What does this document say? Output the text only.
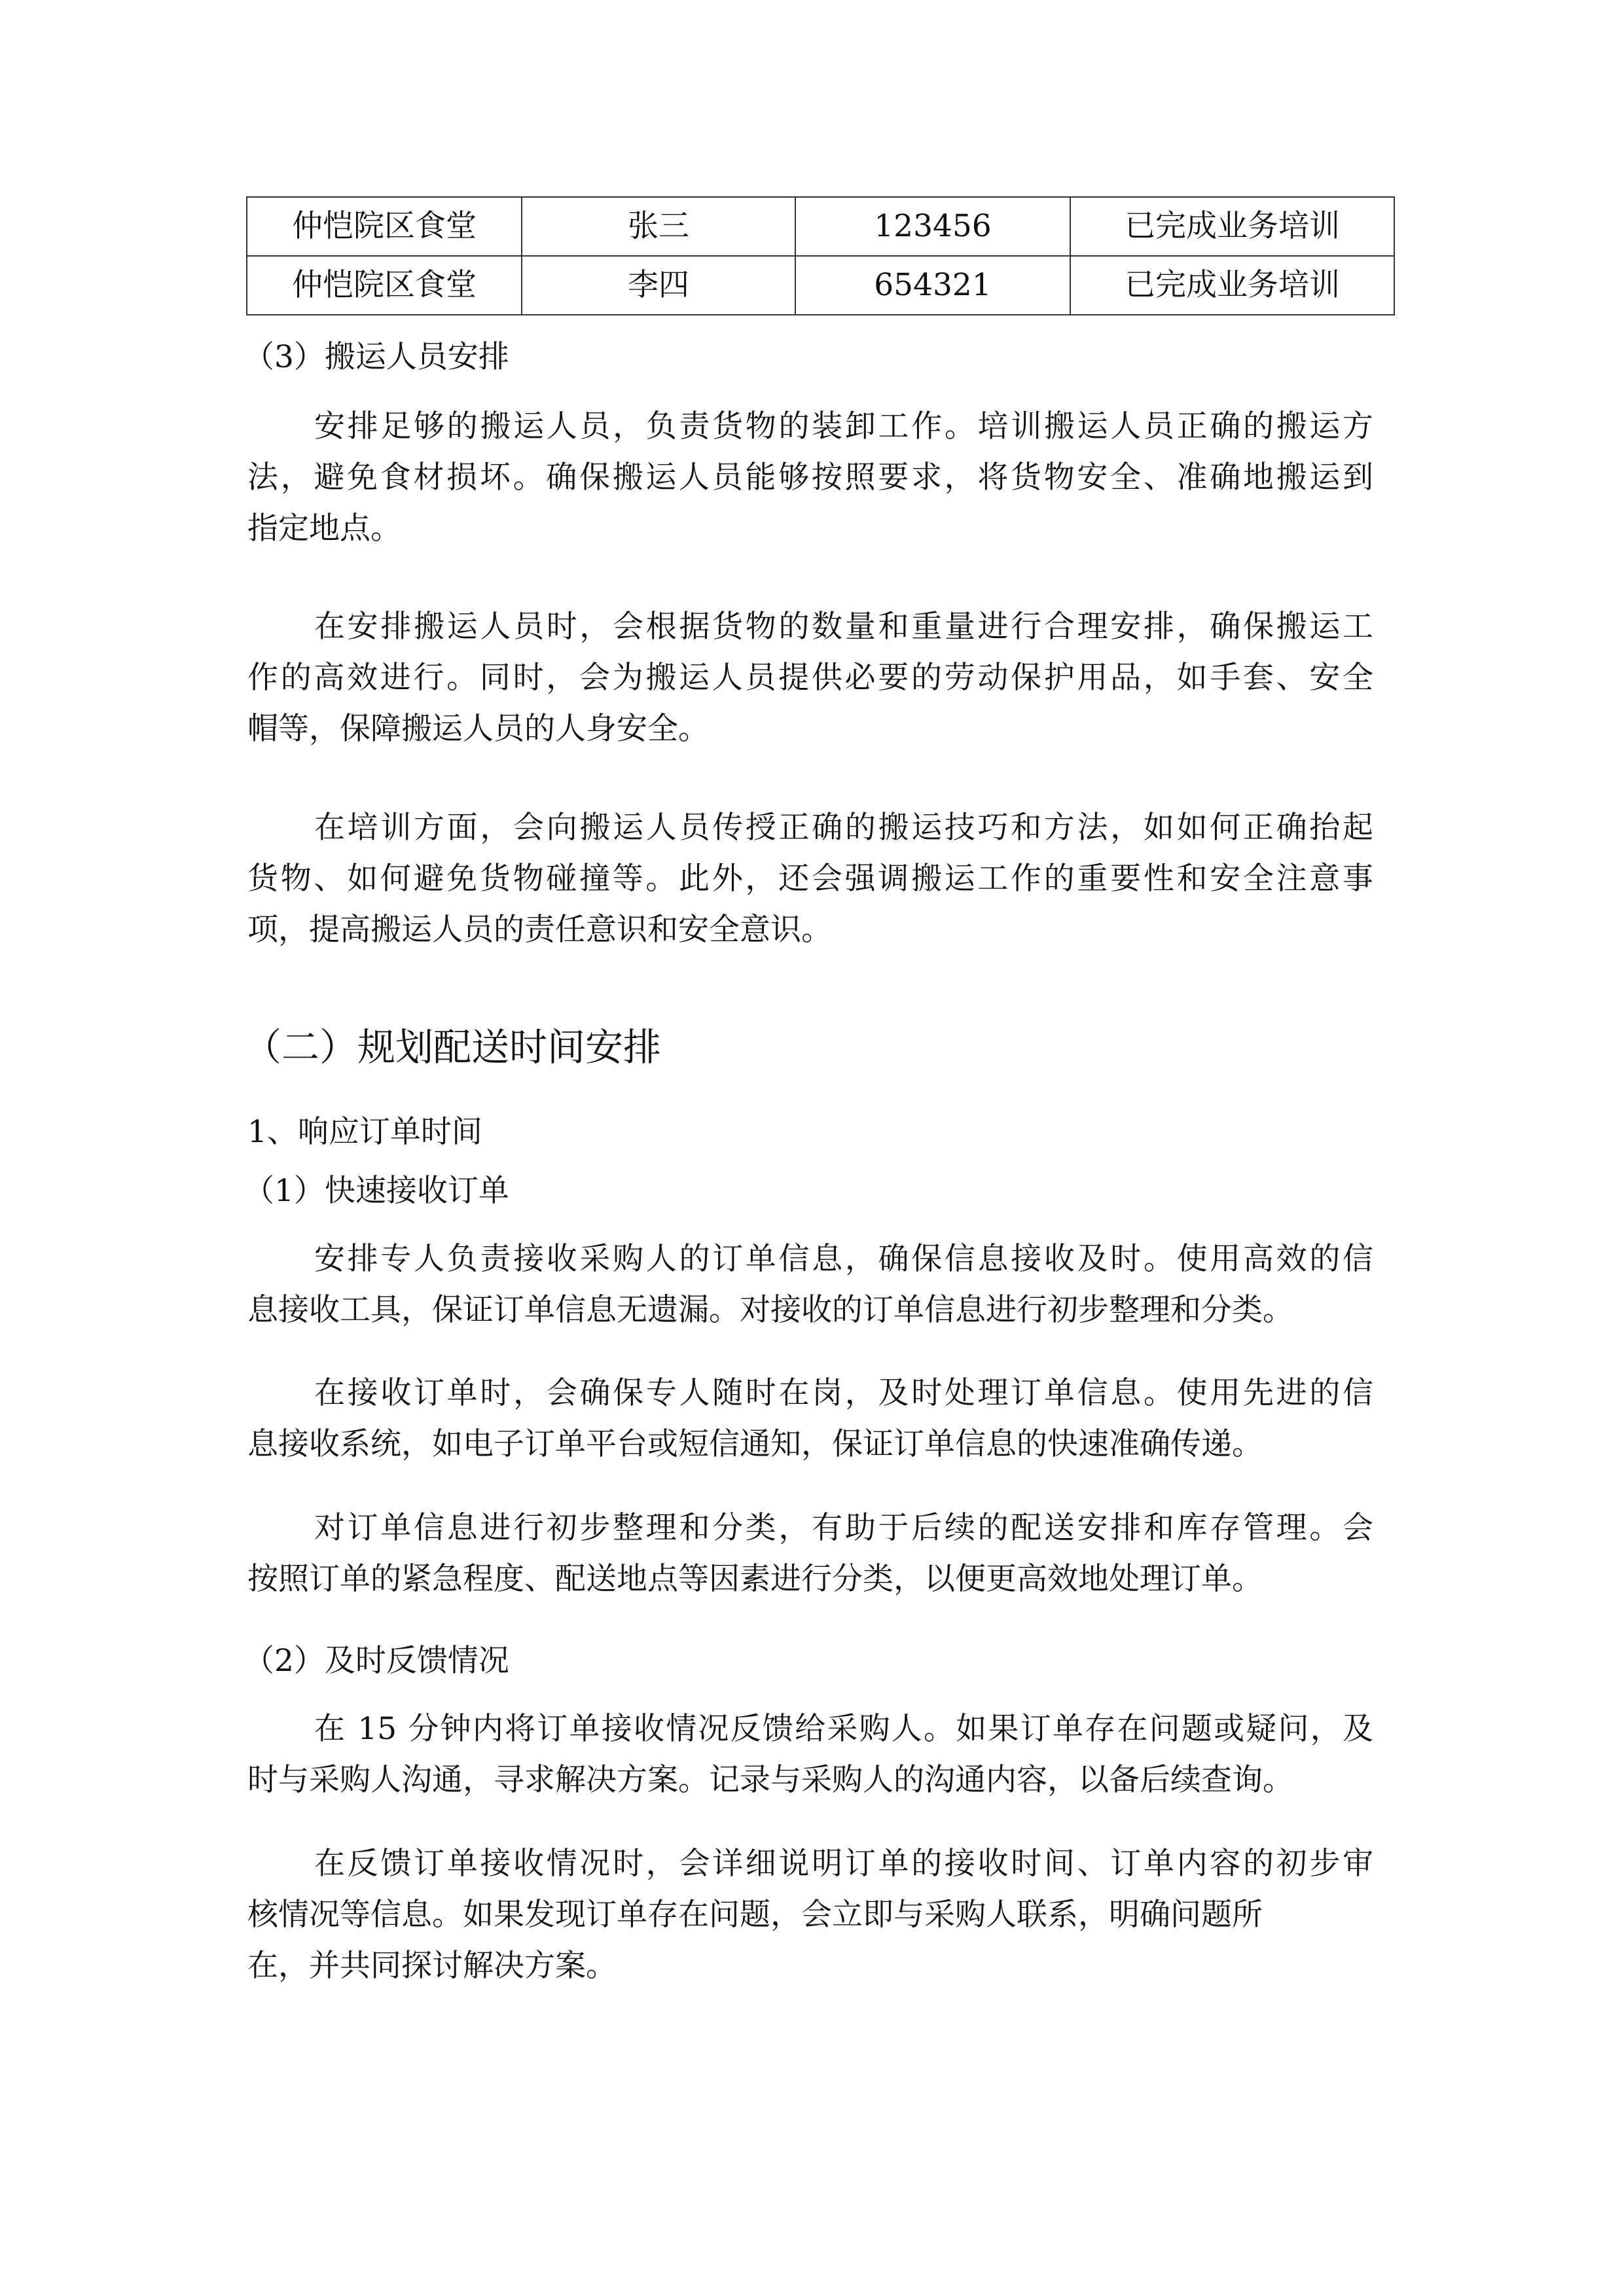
仲恺院区食堂	张三	123456	已完成业务培训
仲恺院区食堂	李四	654321	已完成业务培训
（3）搬运人员安排
安排足够的搬运人员，负责货物的装卸工作。培训搬运人员正确的搬运方
法，避免食材损坏。确保搬运人员能够按照要求，将货物安全、准确地搬运到
指定地点。
在安排搬运人员时，会根据货物的数量和重量进行合理安排，确保搬运工
作的高效进行。同时，会为搬运人员提供必要的劳动保护用品，如手套、安全
帽等，保障搬运人员的人身安全。
在培训方面，会向搬运人员传授正确的搬运技巧和方法，如如何正确抬起
货物、如何避免货物碰撞等。此外，还会强调搬运工作的重要性和安全注意事
项，提高搬运人员的责任意识和安全意识。
（二）规划配送时间安排
1、响应订单时间
（1）快速接收订单
安排专人负责接收采购人的订单信息，确保信息接收及时。使用高效的信
息接收工具，保证订单信息无遗漏。对接收的订单信息进行初步整理和分类。
在接收订单时，会确保专人随时在岗，及时处理订单信息。使用先进的信
息接收系统，如电子订单平台或短信通知，保证订单信息的快速准确传递。
对订单信息进行初步整理和分类，有助于后续的配送安排和库存管理。会
按照订单的紧急程度、配送地点等因素进行分类，以便更高效地处理订单。
（2）及时反馈情况
在 15 分钟内将订单接收情况反馈给采购人。如果订单存在问题或疑问，及
时与采购人沟通，寻求解决方案。记录与采购人的沟通内容，以备后续查询。
在反馈订单接收情况时，会详细说明订单的接收时间、订单内容的初步审
核情况等信息。如果发现订单存在问题，会立即与采购人联系，明确问题所
在，并共同探讨解决方案。
